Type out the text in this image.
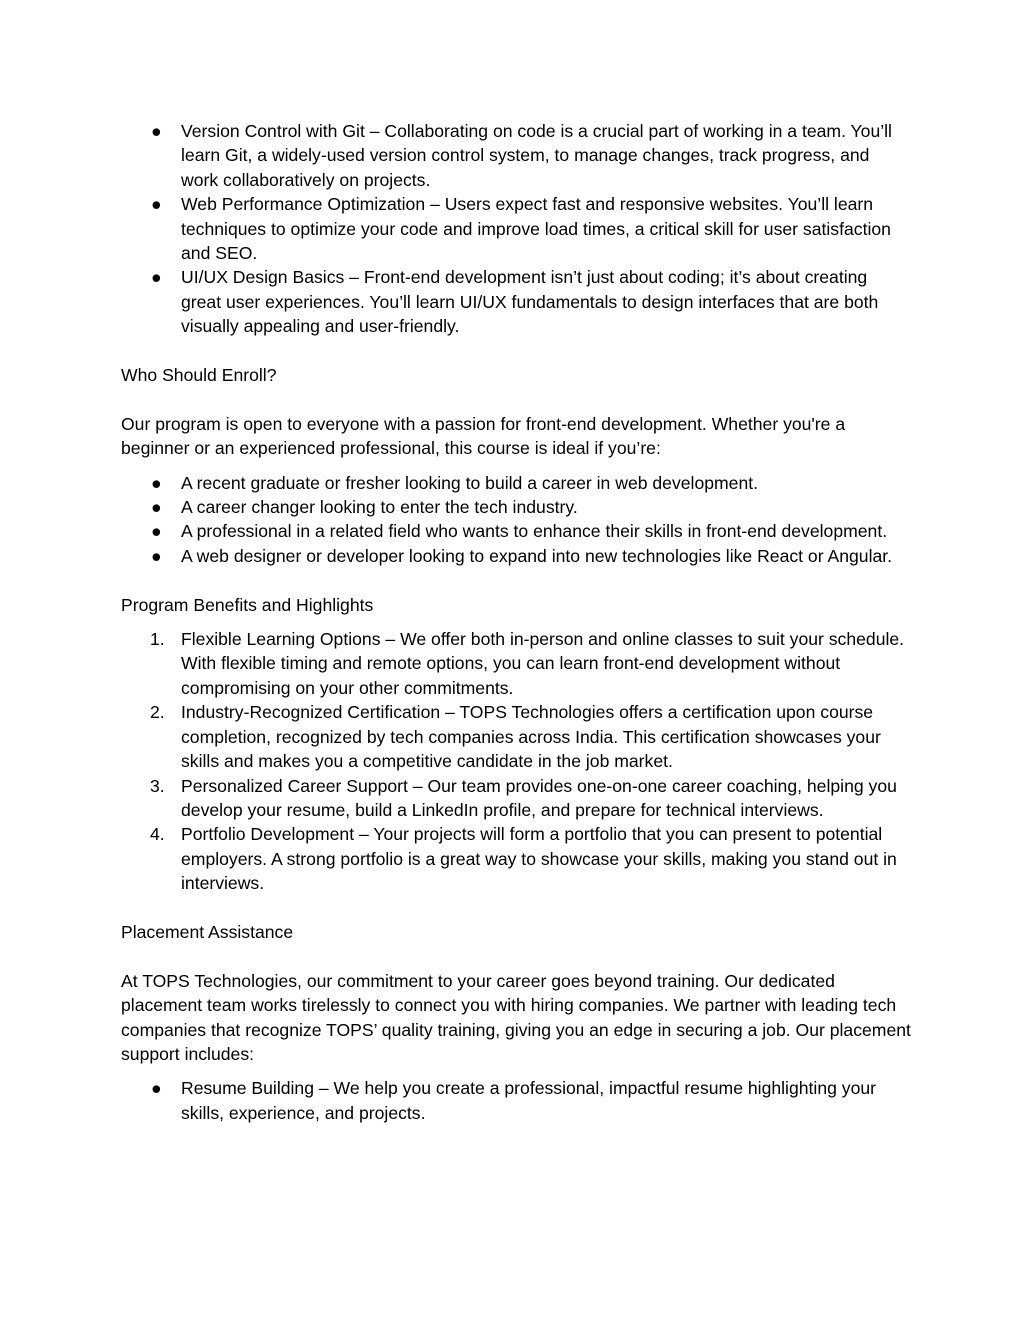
●	Version Control with Git – Collaborating on code is a crucial part of working in a team. You’ll learn Git, a widely-used version control system, to manage changes, track progress, and work collaboratively on projects.
●	Web Performance Optimization – Users expect fast and responsive websites. You’ll learn techniques to optimize your code and improve load times, a critical skill for user satisfaction and SEO.
●	UI/UX Design Basics – Front-end development isn’t just about coding; it’s about creating great user experiences. You’ll learn UI/UX fundamentals to design interfaces that are both visually appealing and user-friendly.
Who Should Enroll?

Our program is open to everyone with a passion for front-end development. Whether you're a beginner or an experienced professional, this course is ideal if you’re:

●	A recent graduate or fresher looking to build a career in web development.
●	A career changer looking to enter the tech industry.
●	A professional in a related field who wants to enhance their skills in front-end development.
●	A web designer or developer looking to expand into new technologies like React or Angular.
Program Benefits and Highlights
1. Flexible Learning Options – We offer both in-person and online classes to suit your schedule. With flexible timing and remote options, you can learn front-end development without compromising on your other commitments.
2. Industry-Recognized Certification – TOPS Technologies offers a certification upon course completion, recognized by tech companies across India. This certification showcases your skills and makes you a competitive candidate in the job market.
3. Personalized Career Support – Our team provides one-on-one career coaching, helping you develop your resume, build a LinkedIn profile, and prepare for technical interviews.
4. Portfolio Development – Your projects will form a portfolio that you can present to potential employers. A strong portfolio is a great way to showcase your skills, making you stand out in interviews.
Placement Assistance

At TOPS Technologies, our commitment to your career goes beyond training. Our dedicated placement team works tirelessly to connect you with hiring companies. We partner with leading tech companies that recognize TOPS’ quality training, giving you an edge in securing a job. Our placement support includes:

●	Resume Building – We help you create a professional, impactful resume highlighting your skills, experience, and projects.
